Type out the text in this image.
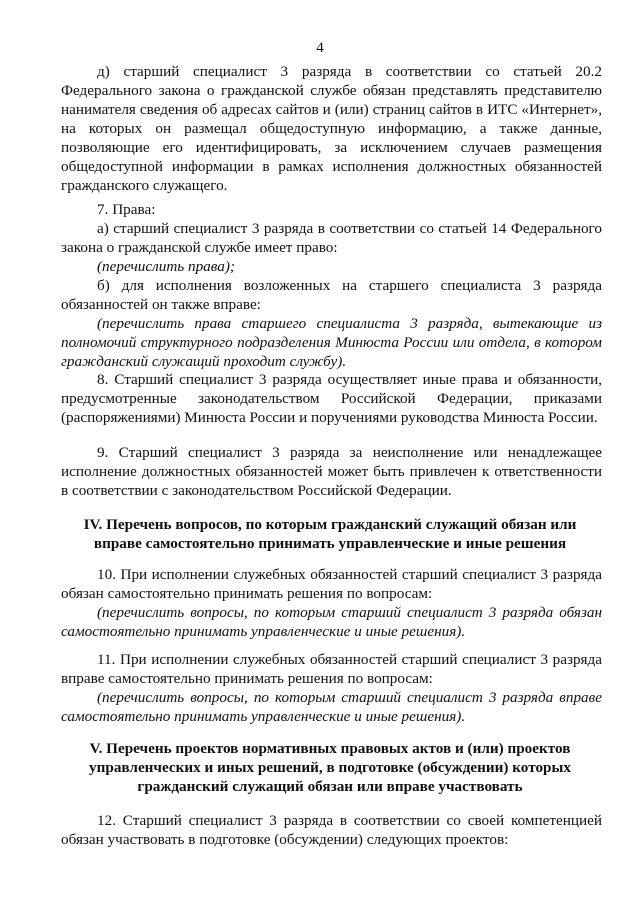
4

д) старший специалист 3 разряда в соответствии со статьей 20.2 Федерального закона о гражданской службе обязан представлять представителю нанимателя сведения об адресах сайтов и (или) страниц сайтов в ИТС «Интернет», на которых он размещал общедоступную информацию, а также данные, позволяющие его идентифицировать, за исключением случаев размещения общедоступной информации в рамках исполнения должностных обязанностей гражданского служащего.

7. Права:

а) старший специалист 3 разряда в соответствии со статьей 14 Федерального закона о гражданской службе имеет право:

(перечислить права);

б) для исполнения возложенных на старшего специалиста 3 разряда обязанностей он также вправе:

(перечислить права старшего специалиста 3 разряда, вытекающие из полномочий структурного подразделения Минюста России или отдела, в котором гражданский служащий проходит службу).

8. Старший специалист 3 разряда осуществляет иные права и обязанности, предусмотренные законодательством Российской Федерации, приказами (распоряжениями) Минюста России и поручениями руководства Минюста России.

9. Старший специалист 3 разряда за неисполнение или ненадлежащее исполнение должностных обязанностей может быть привлечен к ответственности в соответствии с законодательством Российской Федерации.

IV. Перечень вопросов, по которым гражданский служащий обязан или вправе самостоятельно принимать управленческие и иные решения

10. При исполнении служебных обязанностей старший специалист 3 разряда обязан самостоятельно принимать решения по вопросам:

(перечислить вопросы, по которым старший специалист 3 разряда обязан самостоятельно принимать управленческие и иные решения).

11. При исполнении служебных обязанностей старший специалист 3 разряда вправе самостоятельно принимать решения по вопросам:

(перечислить вопросы, по которым старший специалист 3 разряда вправе самостоятельно принимать управленческие и иные решения).

V. Перечень проектов нормативных правовых актов и (или) проектов управленческих и иных решений, в подготовке (обсуждении) которых гражданский служащий обязан или вправе участвовать

12. Старший специалист 3 разряда в соответствии со своей компетенцией обязан участвовать в подготовке (обсуждении) следующих проектов:
